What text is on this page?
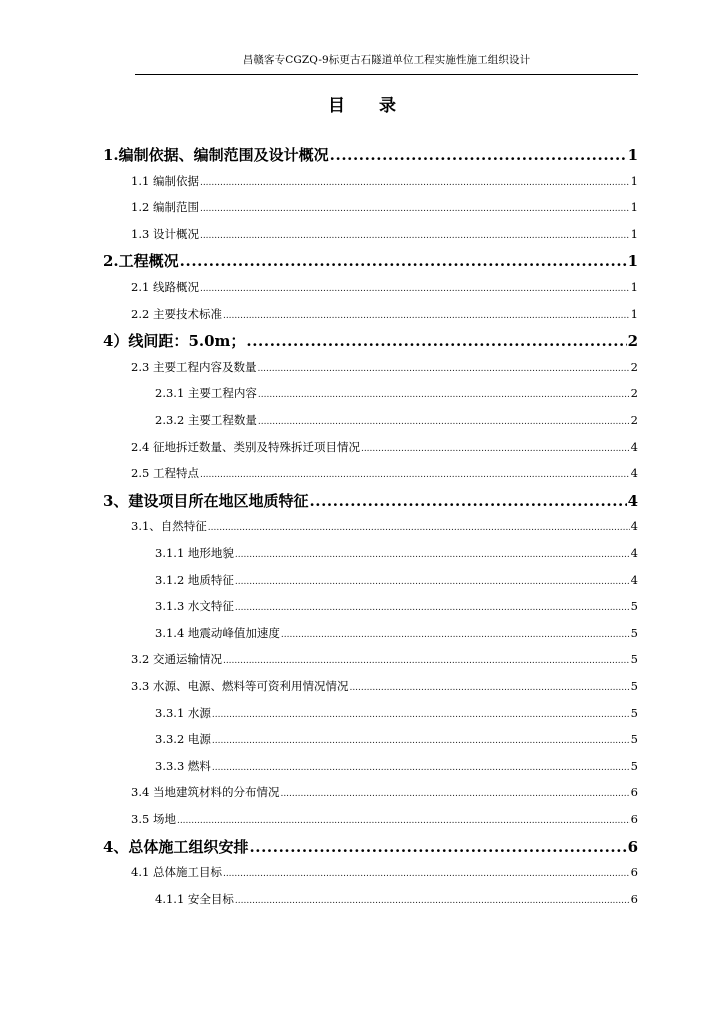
昌赣客专CGZQ-9标更古石隧道单位工程实施性施工组织设计
目 录
1.编制依据、编制范围及设计概况 .....	1
1.1 编制依据 .....	1
1.2 编制范围 .....	1
1.3 设计概况 .....	1
2.工程概况 .....	1
2.1 线路概况 .....	1
2.2 主要技术标准 .....	1
4）线间距：5.0m； .....	2
2.3 主要工程内容及数量 .....	2
2.3.1 主要工程内容 .....	2
2.3.2 主要工程数量 .....	2
2.4 征地拆迁数量、类别及特殊拆迁项目情况 .....	4
2.5 工程特点 .....	4
3、建设项目所在地区地质特征 .....	4
3.1、自然特征 .....	4
3.1.1 地形地貌 .....	4
3.1.2 地质特征 .....	4
3.1.3 水文特征 .....	5
3.1.4 地震动峰值加速度 .....	5
3.2 交通运输情况 .....	5
3.3 水源、电源、燃料等可资利用情况情况 .....	5
3.3.1 水源 .....	5
3.3.2 电源 .....	5
3.3.3 燃料 .....	5
3.4 当地建筑材料的分布情况 .....	6
3.5 场地 .....	6
4、总体施工组织安排 .....	6
4.1 总体施工目标 .....	6
4.1.1 安全目标 .....	6
